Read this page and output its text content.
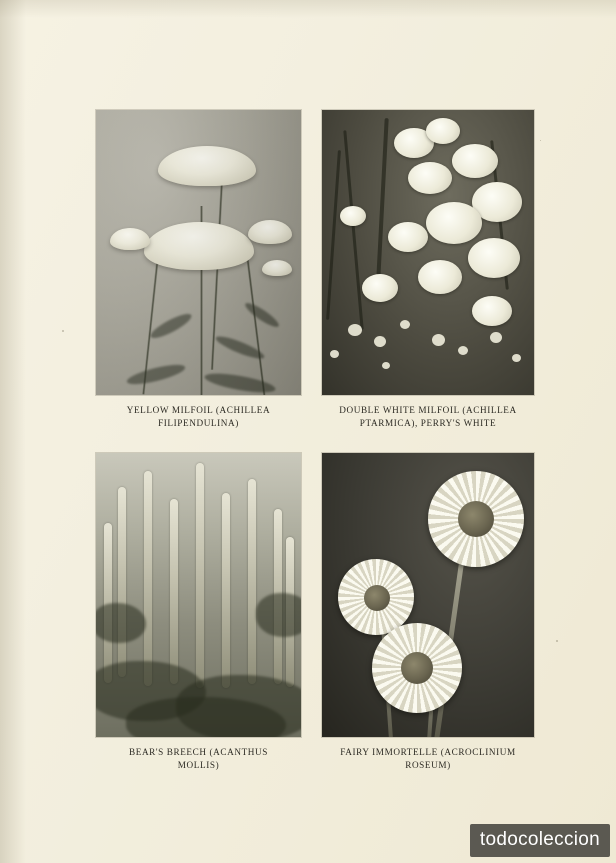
YELLOW MILFOIL (ACHILLEA
FILIPENDULINA)
DOUBLE WHITE MILFOIL (ACHILLEA
PTARMICA), PERRY'S WHITE
BEAR'S BREECH (ACANTHUS
MOLLIS)
FAIRY IMMORTELLE (ACROCLINIUM
ROSEUM)
todocoleccion
